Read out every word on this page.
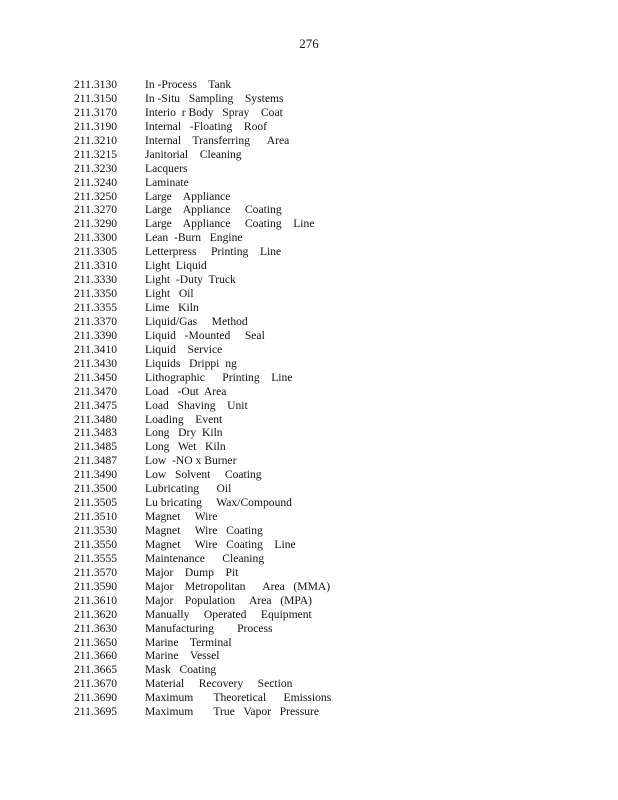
276
211.3130 In -Process    Tank
211.3150 In -Situ   Sampling    Systems
211.3170 Interio  r Body   Spray    Coat
211.3190 Internal   -Floating    Roof
211.3210 Internal    Transferring      Area
211.3215 Janitorial    Cleaning
211.3230 Lacquers
211.3240 Laminate
211.3250 Large    Appliance
211.3270 Large    Appliance     Coating
211.3290 Large    Appliance     Coating    Line
211.3300 Lean  -Burn   Engine
211.3305 Letterpress     Printing    Line
211.3310 Light  Liquid
211.3330 Light  -Duty  Truck
211.3350 Light   Oil
211.3355 Lime   Kiln
211.3370 Liquid/Gas     Method
211.3390 Liquid   -Mounted     Seal
211.3410 Liquid    Service
211.3430 Liquids   Drippi  ng
211.3450 Lithographic      Printing    Line
211.3470 Load   -Out  Area
211.3475 Load   Shaving    Unit
211.3480 Loading    Event
211.3483 Long   Dry  Kiln
211.3485 Long   Wet   Kiln
211.3487 Low  -NO x Burner
211.3490 Low   Solvent     Coating
211.3500 Lubricating      Oil
211.3505 Lu bricating     Wax/Compound
211.3510 Magnet     Wire
211.3530 Magnet     Wire   Coating
211.3550 Magnet     Wire   Coating    Line
211.3555 Maintenance      Cleaning
211.3570 Major    Dump    Pit
211.3590 Major    Metropolitan      Area   (MMA)
211.3610 Major    Population     Area   (MPA)
211.3620 Manually     Operated     Equipment
211.3630 Manufacturing        Process
211.3650 Marine    Terminal
211.3660 Marine    Vessel
211.3665 Mask   Coating
211.3670 Material     Recovery     Section
211.3690 Maximum       Theoretical      Emissions
211.3695 Maximum       True   Vapor   Pressure
